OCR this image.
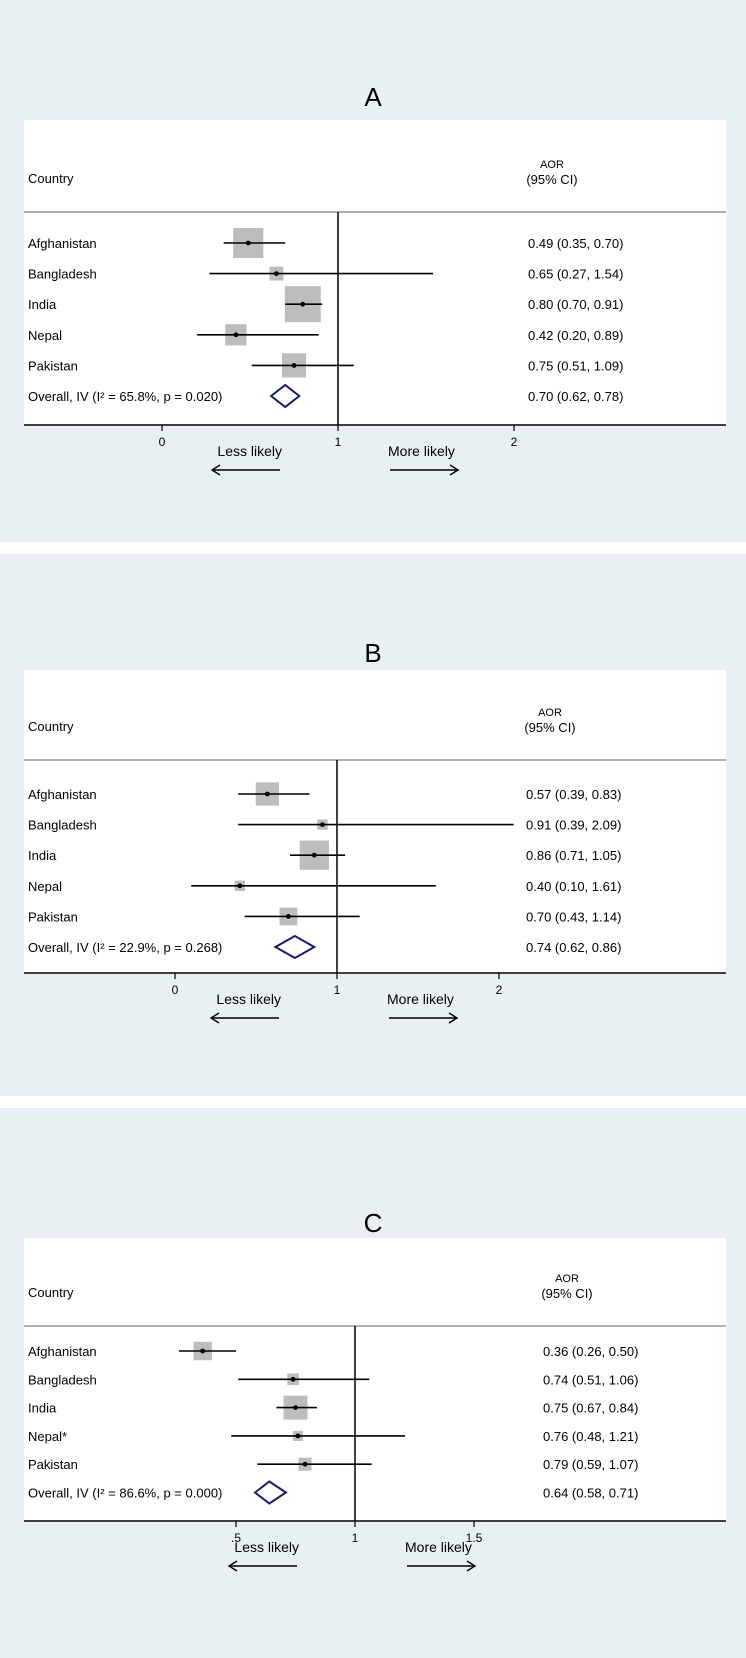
A
Country
AOR
(95% CI)
Afghanistan	0.49 (0.35, 0.70)
Bangladesh	0.65 (0.27, 1.54)
India	0.80 (0.70, 0.91)
Nepal	0.42 (0.20, 0.89)
Pakistan	0.75 (0.51, 1.09)
Overall, IV (I² = 65.8%, p = 0.020)	0.70 (0.62, 0.78)
0	1	2
Less likely	More likely
B
Country
AOR
(95% CI)
Afghanistan	0.57 (0.39, 0.83)
Bangladesh	0.91 (0.39, 2.09)
India	0.86 (0.71, 1.05)
Nepal	0.40 (0.10, 1.61)
Pakistan	0.70 (0.43, 1.14)
Overall, IV (I² = 22.9%, p = 0.268)	0.74 (0.62, 0.86)
0	1	2
Less likely	More likely
C
Country
AOR
(95% CI)
Afghanistan	0.36 (0.26, 0.50)
Bangladesh	0.74 (0.51, 1.06)
India	0.75 (0.67, 0.84)
Nepal*	0.76 (0.48, 1.21)
Pakistan	0.79 (0.59, 1.07)
Overall, IV (I² = 86.6%, p = 0.000)	0.64 (0.58, 0.71)
.5	1	1.5
Less likely	More likely
